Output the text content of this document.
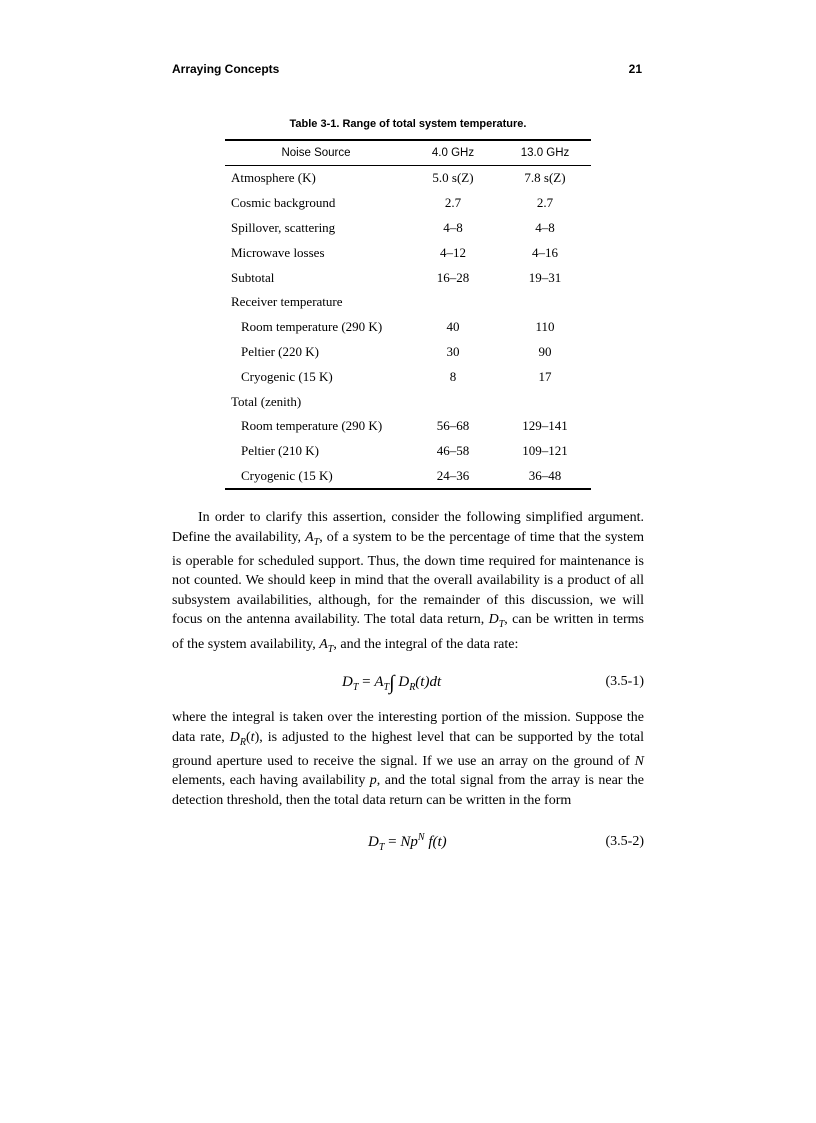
Arraying Concepts	21
Table 3-1. Range of total system temperature.
Noise Source	4.0 GHz	13.0 GHz
Atmosphere (K)	5.0 s(Z)	7.8 s(Z)
Cosmic background	2.7	2.7
Spillover, scattering	4–8	4–8
Microwave losses	4–12	4–16
Subtotal	16–28	19–31
Receiver temperature		
Room temperature (290 K)	40	110
Peltier (220 K)	30	90
Cryogenic (15 K)	8	17
Total (zenith)		
Room temperature (290 K)	56–68	129–141
Peltier (210 K)	46–58	109–121
Cryogenic (15 K)	24–36	36–48

In order to clarify this assertion, consider the following simplified argument. Define the availability, $A_T$, of a system to be the percentage of time that the system is operable for scheduled support. Thus, the down time required for maintenance is not counted. We should keep in mind that the overall availability is a product of all subsystem availabilities, although, for the remainder of this discussion, we will focus on the antenna availability. The total data return, $D_T$, can be written in terms of the system availability, $A_T$, and the integral of the data rate:

$D_T = A_T\int$ $D_R(t)dt$	(3.5-1)

where the integral is taken over the interesting portion of the mission. Suppose the data rate, $D_R(t)$, is adjusted to the highest level that can be supported by the total ground aperture used to receive the signal. If we use an array on the ground of N elements, each having availability p, and the total signal from the array is near the detection threshold, then the total data return can be written in the form

$D_T = Np^N$ f(t)	(3.5-2)
